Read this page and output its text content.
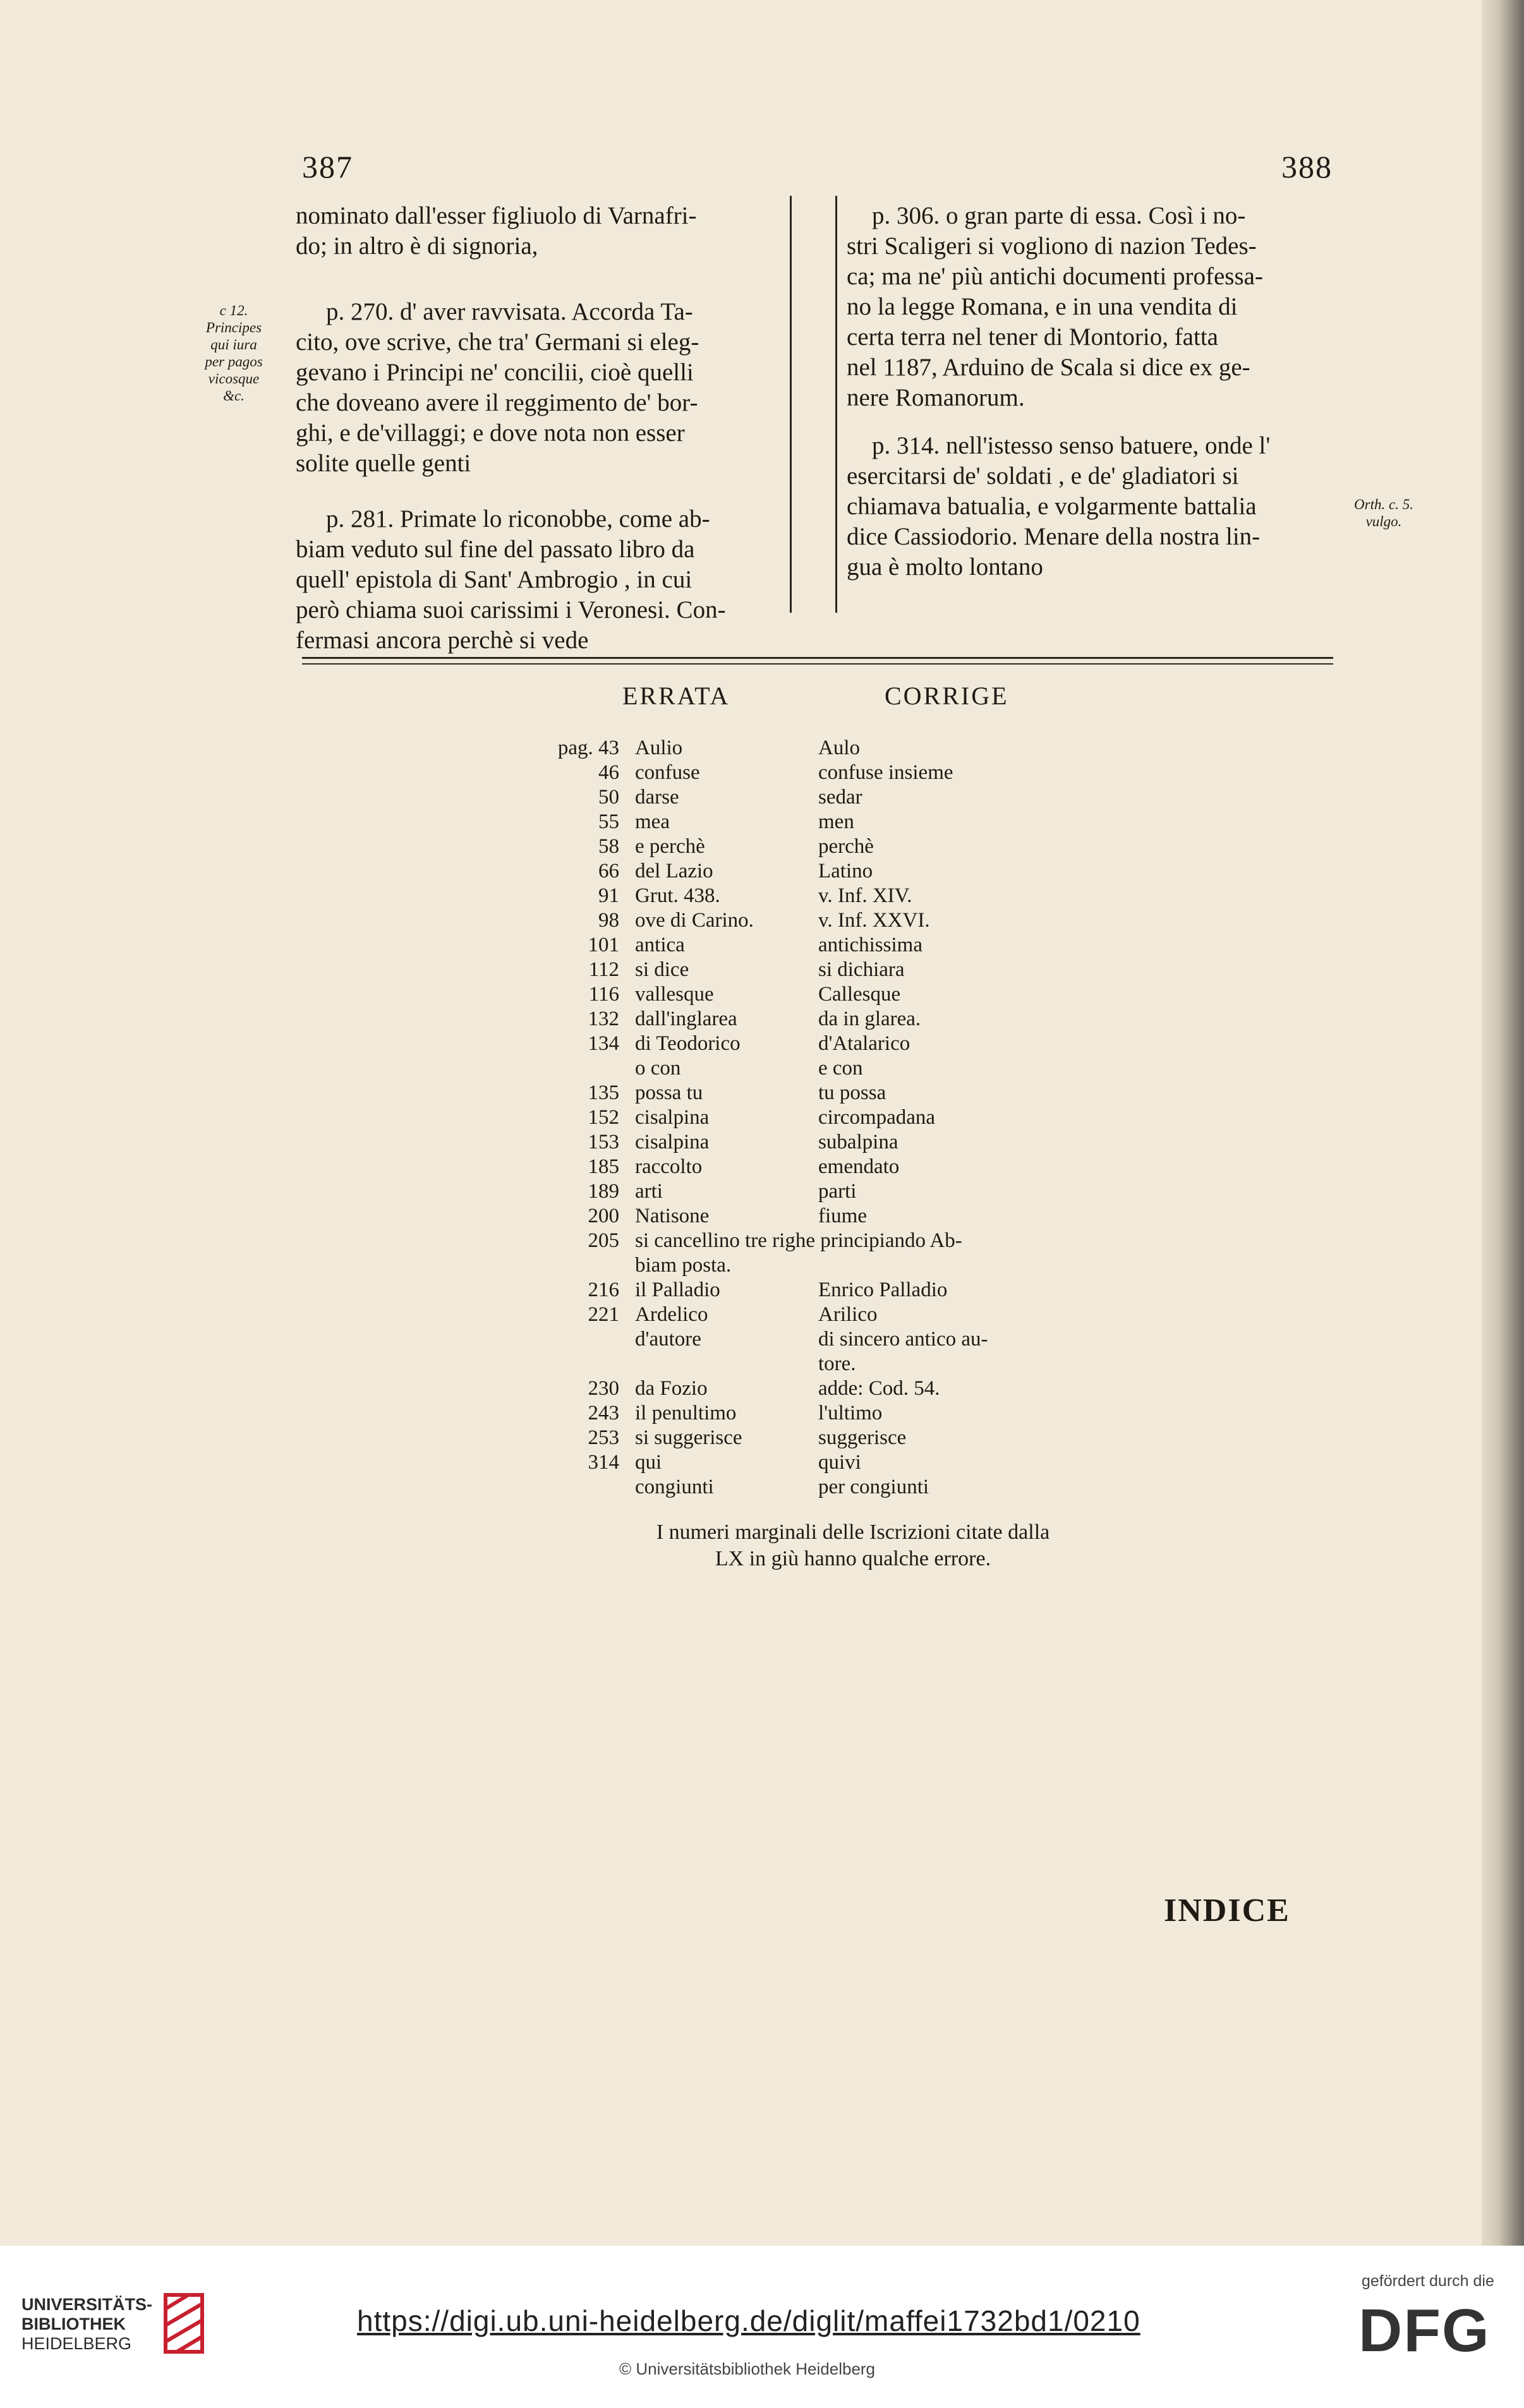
387	388
c 12.
Principes
qui iura
per pagos
vicosque
&c.
Orth. c. 5.
vulgo.
nominato dall'esser figliuolo di Varnafri-
do; in altro è di signoria,
p. 270. d' aver ravvisata. Accorda Ta-
cito, ove scrive, che tra' Germani si eleg-
gevano i Principi ne' concilii, cioè quelli
che doveano avere il reggimento de' bor-
ghi, e de'villaggi; e dove nota non esser
solite quelle genti
p. 281. Primate lo riconobbe, come ab-
biam veduto sul fine del passato libro da
quell' epistola di Sant' Ambrogio , in cui
però chiama suoi carissimi i Veronesi. Con-
fermasi ancora perchè si vede
p. 306. o gran parte di essa. Così i no-
stri Scaligeri si vogliono di nazion Tedes-
ca; ma ne' più antichi documenti professa-
no la legge Romana, e in una vendita di
certa terra nel tener di Montorio, fatta
nel 1187, Arduino de Scala si dice ex ge-
nere Romanorum.
p. 314. nell'istesso senso batuere, onde l'
esercitarsi de' soldati , e de' gladiatori si
chiamava batualia, e volgarmente battalia
dice Cassiodorio. Menare della nostra lin-
gua è molto lontano
ERRATA	CORRIGE
pag. 43 Aulio	Aulo
46 confuse	confuse insieme
50 darse	sedar
55 mea	men
58 e perchè	perchè
66 del Lazio	Latino
91 Grut. 438.	v. Inf. XIV.
98 ove di Carino.	v. Inf. XXVI.
101 antica	antichissima
112 si dice	si dichiara
116 vallesque	Callesque
132 dall'inglarea	da in glarea.
134 di Teodorico	d'Atalarico
o con	e con
135 possa tu	tu possa
152 cisalpina	circompadana
153 cisalpina	subalpina
185 raccolto	emendato
189 arti	parti
200 Natisone	fiume
205 si cancellino tre righe principiando Ab-
biam posta.
216 il Palladio	Enrico Palladio
221 Ardelico	Arilico
d'autore	di sincero antico au-
tore.
230 da Fozio	adde: Cod. 54.
243 il penultimo	l'ultimo
253 si suggerisce	suggerisce
314 qui	quivi
congiunti	per congiunti
I numeri marginali delle Iscrizioni citate dalla
LX in giù hanno qualche errore.
INDICE
UNIVERSITÄTS-
BIBLIOTHEK
HEIDELBERG
https://digi.ub.uni-heidelberg.de/diglit/maffei1732bd1/0210
© Universitätsbibliothek Heidelberg
gefördert durch die
DFG
